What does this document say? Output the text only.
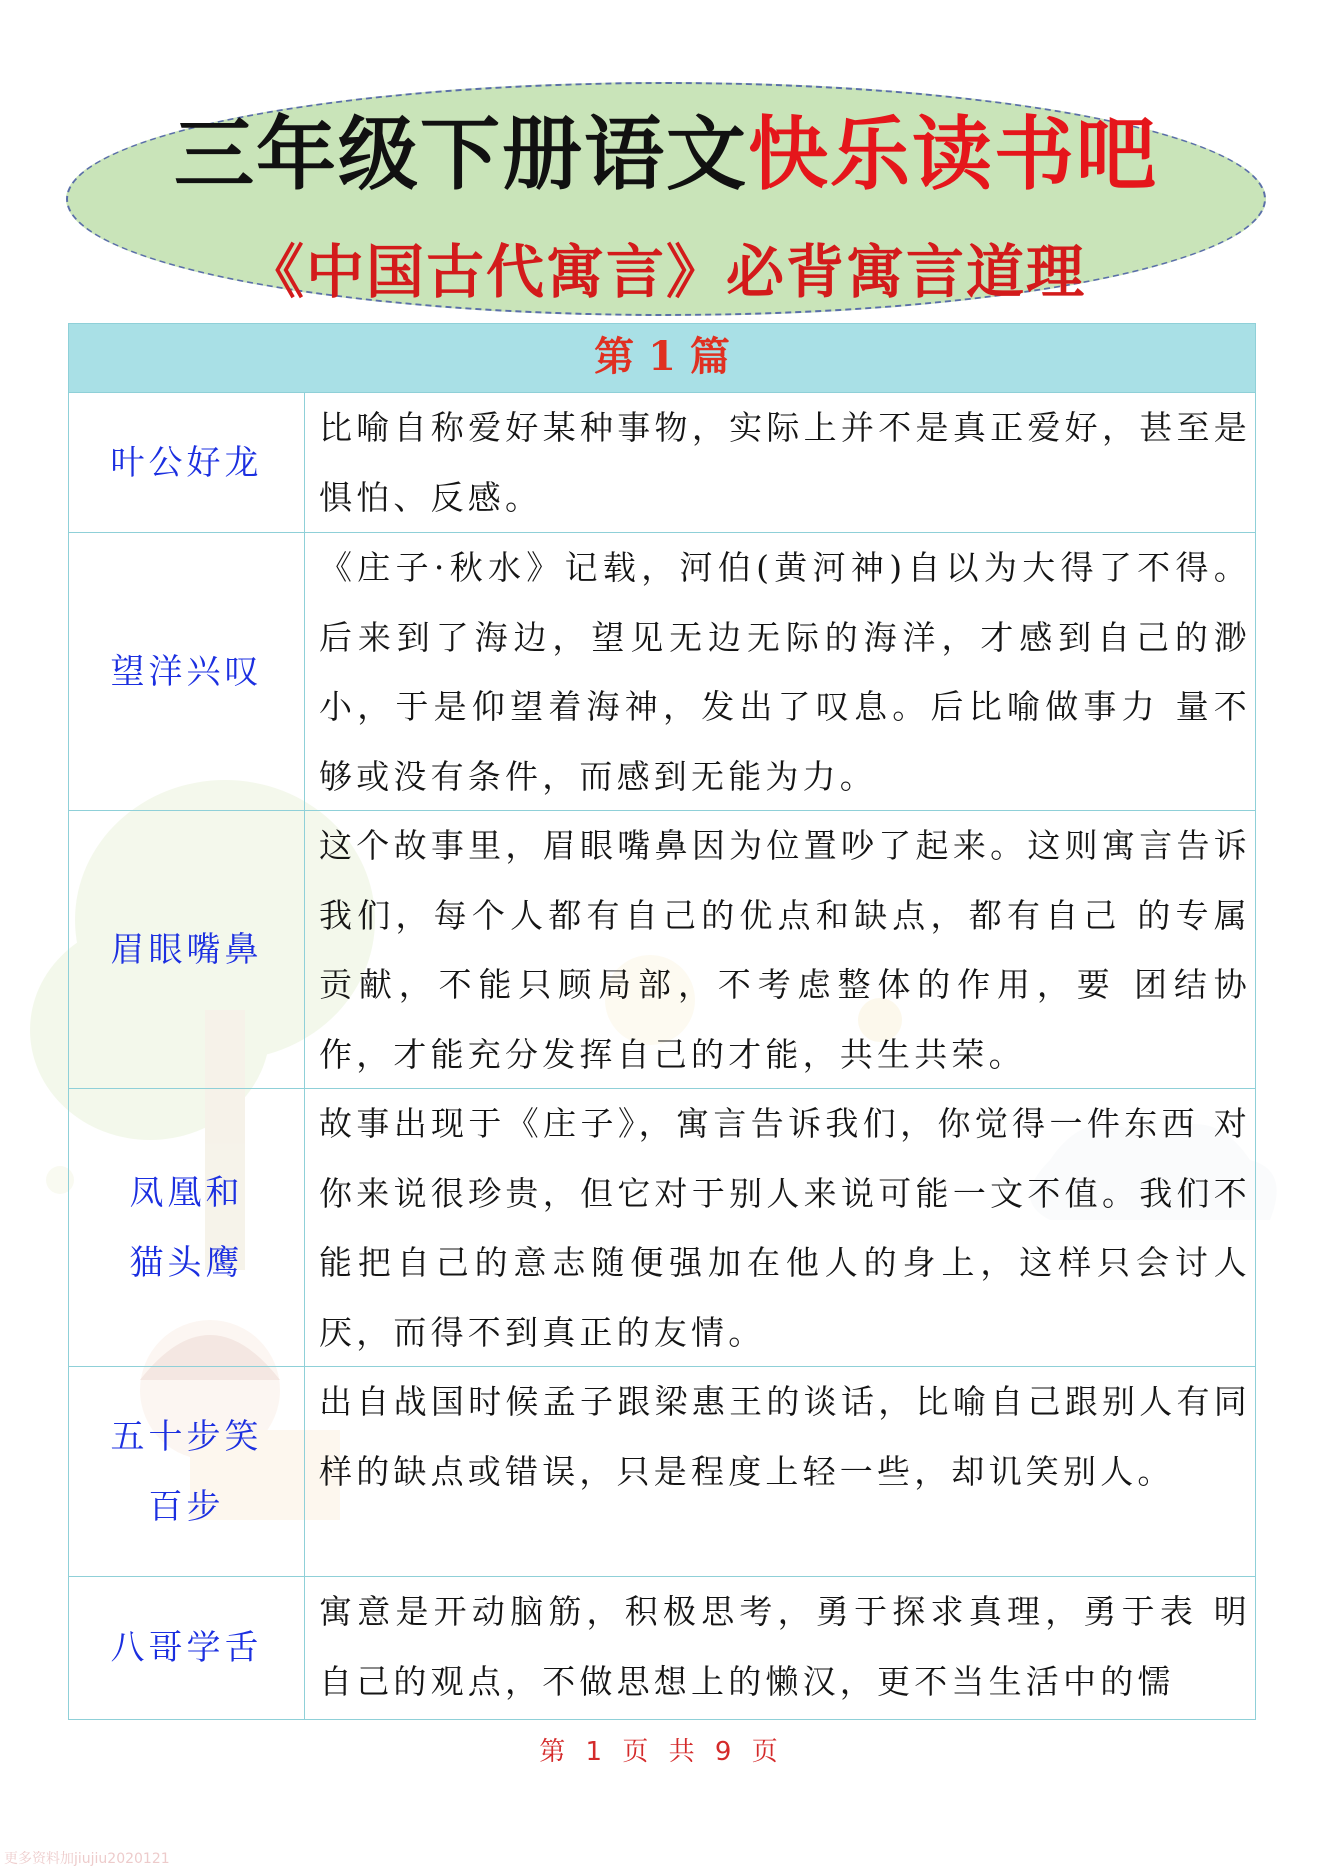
三年级下册语文快乐读书吧
《中国古代寓言》必背寓言道理
第 1 篇
叶公好龙
比喻自称爱好某种事物，实际上并不是真正爱好，甚至是惧怕、反感。
望洋兴叹
《庄子·秋水》记载，河伯(黄河神)自以为大得了不得。后来到了海边，望见无边无际的海洋，才感到自己的渺小，于是仰望着海神，发出了叹息。后比喻做事力 量不够或没有条件，而感到无能为力。
眉眼嘴鼻
这个故事里，眉眼嘴鼻因为位置吵了起来。这则寓言告诉我们，每个人都有自己的优点和缺点，都有自己 的专属贡献，不能只顾局部，不考虑整体的作用，要 团结协作，才能充分发挥自己的才能，共生共荣。
凤凰和猫头鹰
故事出现于《庄子》，寓言告诉我们，你觉得一件东西 对你来说很珍贵，但它对于别人来说可能一文不值。我们不能把自己的意志随便强加在他人的身上，这样只会讨人厌，而得不到真正的友情。
五十步笑百步
出自战国时候孟子跟梁惠王的谈话，比喻自己跟别人有同样的缺点或错误，只是程度上轻一些，却讥笑别人。
八哥学舌
寓意是开动脑筋，积极思考，勇于探求真理，勇于表 明自己的观点，不做思想上的懒汉，更不当生活中的懦
第 1 页 共 9 页
更多资料加jiujiu2020121
